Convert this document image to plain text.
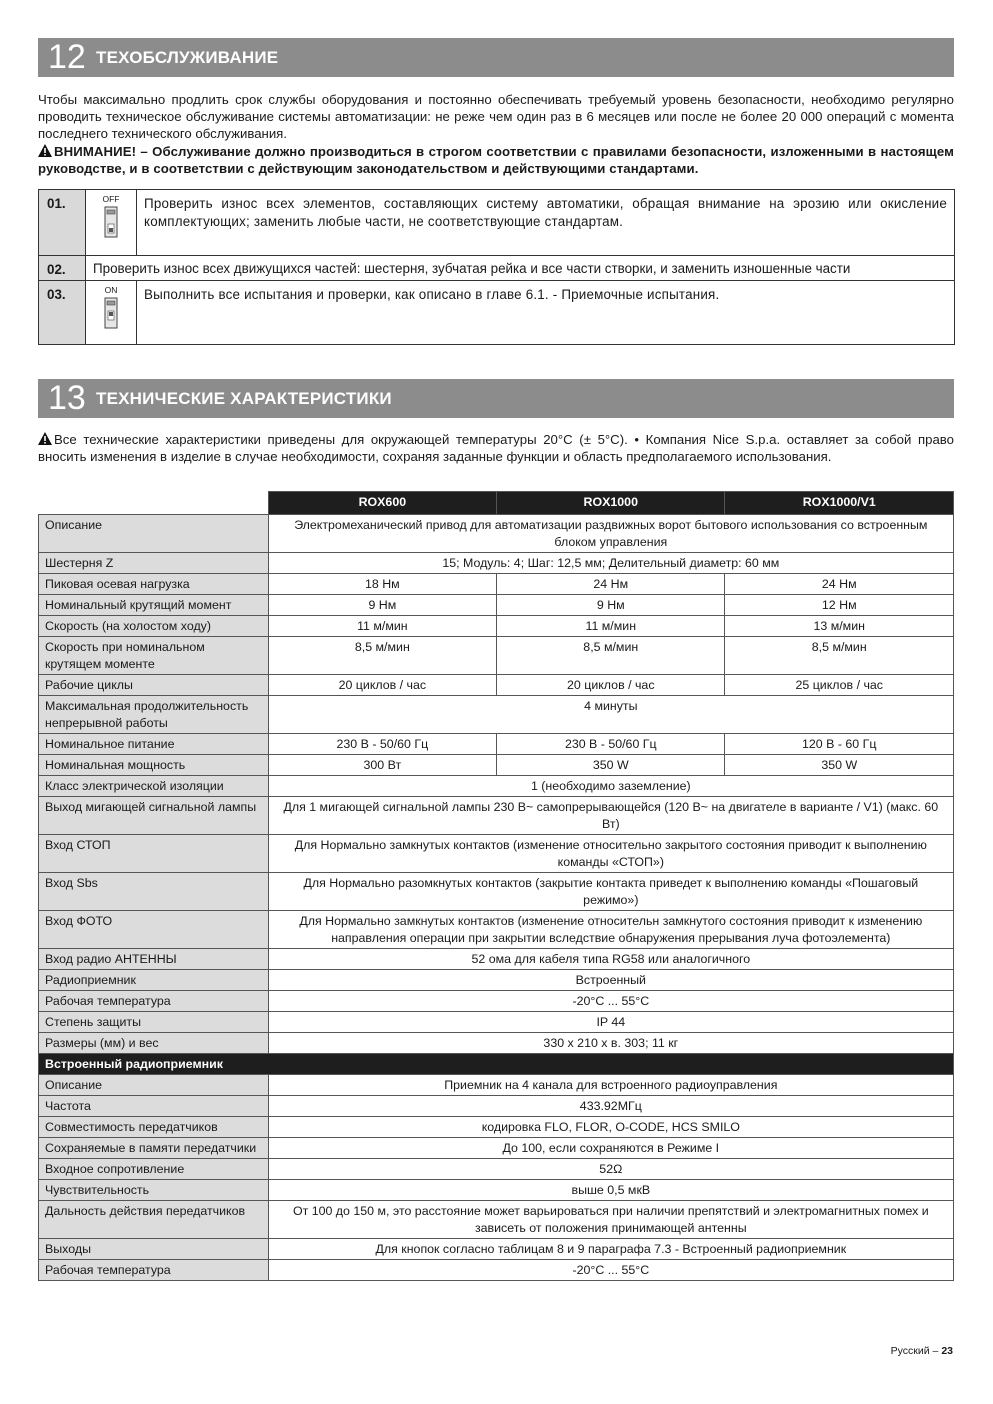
12 ТЕХОБСЛУЖИВАНИЕ
Чтобы максимально продлить срок службы оборудования и постоянно обеспечивать требуемый уровень безопасности, необходимо регулярно проводить техническое обслуживание системы автоматизации: не реже чем один раз в 6 месяцев или после не более 20 000 операций с момента последнего технического обслуживания.
ВНИМАНИЕ! – Обслуживание должно производиться в строгом соответствии с правилами безопасности, изложенными в настоящем руководстве, и в соответствии с действующим законодательством и действующими стандартами.
01.	OFF	Проверить износ всех элементов, составляющих систему автоматики, обращая внимание на эрозию или окисление комплектующих; заменить любые части, не соответствующие стандартам.
02.	Проверить износ всех движущихся частей: шестерня, зубчатая рейка и все части створки, и заменить изношенные части	
03.	ON	Выполнить все испытания и проверки, как описано в главе 6.1. - Приемочные испытания.
13 ТЕХНИЧЕСКИЕ ХАРАКТЕРИСТИКИ
Все технические характеристики приведены для окружающей температуры 20°C (± 5°C). • Компания Nice S.p.a. оставляет за собой право вносить изменения в изделие в случае необходимости, сохраняя заданные функции и область предполагаемого использования.
	ROX600	ROX1000	ROX1000/V1
Описание	Электромеханический привод для автоматизации раздвижных ворот бытового использования со встроенным блоком управления		
Шестерня Z	15; Модуль: 4; Шаг: 12,5 мм; Делительный диаметр: 60 мм		
Пиковая осевая нагрузка	18 Нм	24 Нм	24 Нм
Номинальный крутящий момент	9 Нм	9 Нм	12 Нм
Скорость (на холостом ходу)	11 м/мин	11 м/мин	13 м/мин
Скорость при номинальном крутящем моменте	8,5 м/мин	8,5 м/мин	8,5 м/мин
Рабочие циклы	20 циклов / час	20 циклов / час	25 циклов / час
Максимальная продолжительность непрерывной работы	4 минуты		
Номинальное питание	230 В - 50/60 Гц	230 В - 50/60 Гц	120 В - 60 Гц
Номинальная мощность	300 Вт	350 W	350 W
Класс электрической изоляции	1 (необходимо заземление)		
Выход мигающей сигнальной лампы	Для 1 мигающей сигнальной лампы 230 В~ самопрерывающейся (120 В~ на двигателе в варианте / V1) (макс. 60 Вт)		
Вход СТОП	Для Нормально замкнутых контактов (изменение относительно закрытого состояния приводит к выполнению команды «СТОП»)		
Вход Sbs	Для Нормально разомкнутых контактов (закрытие контакта приведет к выполнению команды «Пошаговый режимо»)		
Вход ФОТО	Для Нормально замкнутых контактов (изменение относительн замкнутого состояния приводит к изменению направления операции при закрытии вследствие обнаружения прерывания луча фотоэлемента)		
Вход радио АНТЕННЫ	52 ома для кабеля типа RG58 или аналогичного		
Радиоприемник	Встроенный		
Рабочая температура	-20°C ... 55°C		
Степень защиты	IP 44		
Размеры (мм) и вес	330 x 210 x в. 303; 11 кг		
Встроенный радиоприемник			
Описание	Приемник на 4 канала для встроенного радиоуправления		
Частота	433.92МГц		
Совместимость передатчиков	кодировка FLO, FLOR, O-CODE, HCS SMILO		
Сохраняемые в памяти передатчики	До 100, если сохраняются в Режиме I		
Входное сопротивление	52Ω		
Чувствительность	выше 0,5 мкВ		
Дальность действия передатчиков	От 100 до 150 м, это расстояние может варьироваться при наличии препятствий и электромагнитных помех и зависеть от положения принимающей антенны		
Выходы	Для кнопок согласно таблицам 8 и 9 параграфа 7.3 - Встроенный радиоприемник		
Рабочая температура	-20°C ... 55°C		
Русский – 23
